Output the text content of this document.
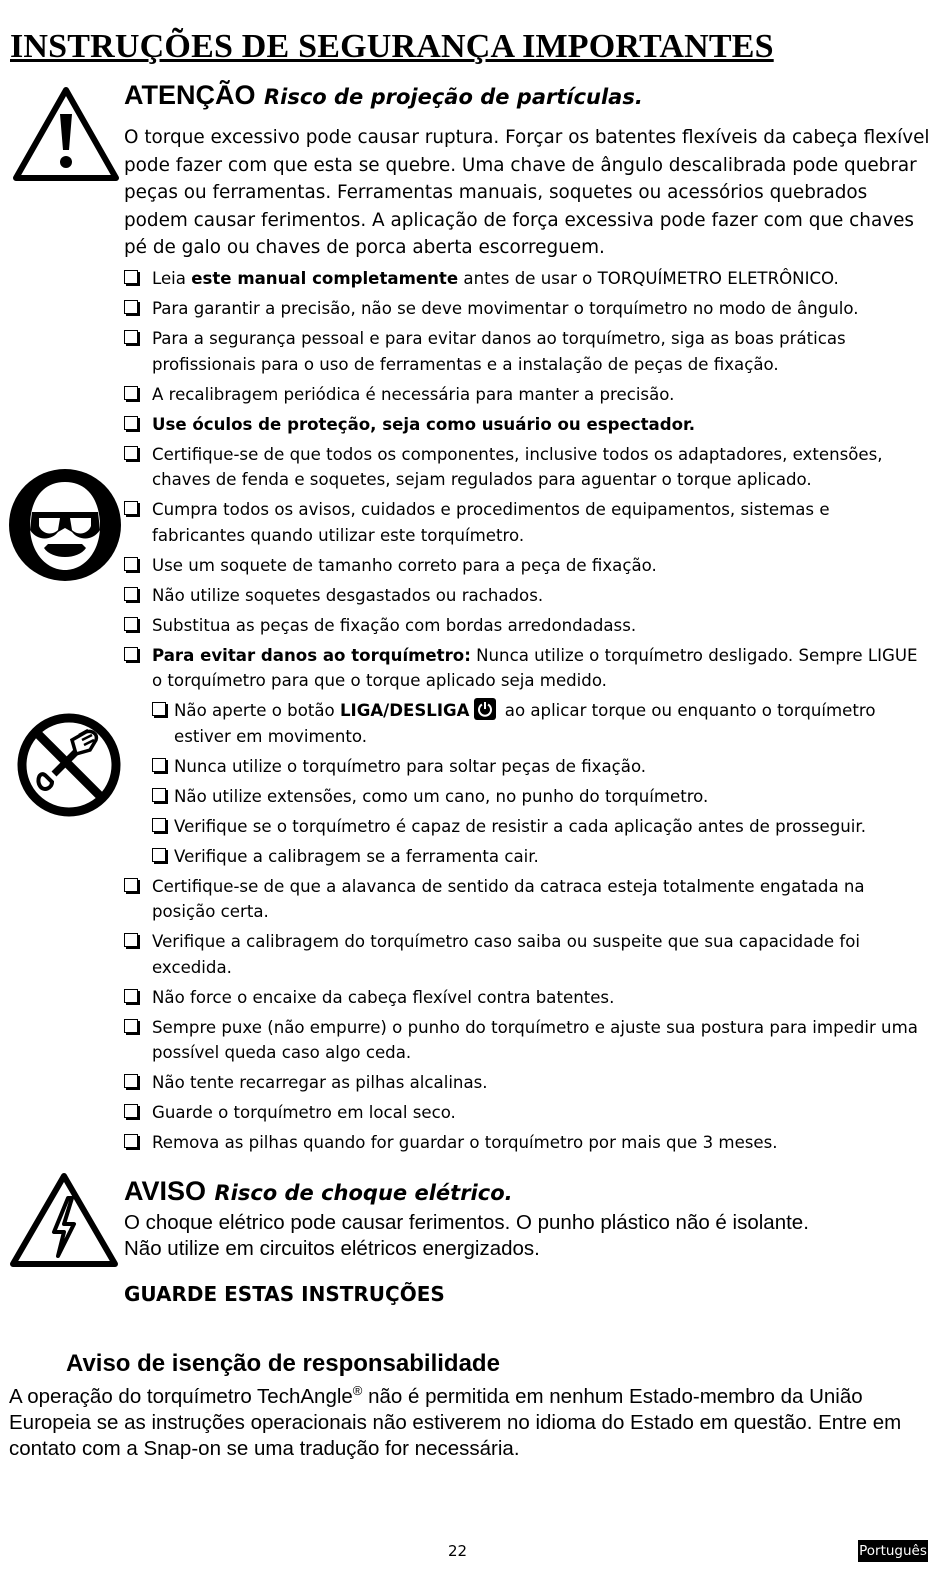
INSTRUÇÕES DE SEGURANÇA IMPORTANTES
ATENÇÃO Risco de projeção de partículas.
O torque excessivo pode causar ruptura. Forçar os batentes flexíveis da cabeça flexível pode fazer com que esta se quebre. Uma chave de ângulo descalibrada pode quebrar peças ou ferramentas. Ferramentas manuais, soquetes ou acessórios quebrados podem causar ferimentos. A aplicação de força excessiva pode fazer com que chaves pé de galo ou chaves de porca aberta escorreguem.
Leia este manual completamente antes de usar o TORQUÍMETRO ELETRÔNICO.
Para garantir a precisão, não se deve movimentar o torquímetro no modo de ângulo.
Para a segurança pessoal e para evitar danos ao torquímetro, siga as boas práticas profissionais para o uso de ferramentas e a instalação de peças de fixação.
A recalibragem periódica é necessária para manter a precisão.
Use óculos de proteção, seja como usuário ou espectador.
Certifique-se de que todos os componentes, inclusive todos os adaptadores, extensões, chaves de fenda e soquetes, sejam regulados para aguentar o torque aplicado.
Cumpra todos os avisos, cuidados e procedimentos de equipamentos, sistemas e fabricantes quando utilizar este torquímetro.
Use um soquete de tamanho correto para a peça de fixação.
Não utilize soquetes desgastados ou rachados.
Substitua as peças de fixação com bordas arredondadass.
Para evitar danos ao torquímetro: Nunca utilize o torquímetro desligado. Sempre LIGUE o torquímetro para que o torque aplicado seja medido.
Não aperte o botão LIGA/DESLIGA
ao aplicar torque ou enquanto o torquímetro estiver em movimento.
Nunca utilize o torquímetro para soltar peças de fixação.
Não utilize extensões, como um cano, no punho do torquímetro.
Verifique se o torquímetro é capaz de resistir a cada aplicação antes de prosseguir.
Verifique a calibragem se a ferramenta cair.
Certifique-se de que a alavanca de sentido da catraca esteja totalmente engatada na posição certa.
Verifique a calibragem do torquímetro caso saiba ou suspeite que sua capacidade foi excedida.
Não force o encaixe da cabeça flexível contra batentes.
Sempre puxe (não empurre) o punho do torquímetro e ajuste sua postura para impedir uma possível queda caso algo ceda.
Não tente recarregar as pilhas alcalinas.
Guarde o torquímetro em local seco.
Remova as pilhas quando for guardar o torquímetro por mais que 3 meses.
AVISO Risco de choque elétrico.
O choque elétrico pode causar ferimentos. O punho plástico não é isolante.
Não utilize em circuitos elétricos energizados.
GUARDE ESTAS INSTRUÇÕES
Aviso de isenção de responsabilidade
A operação do torquímetro TechAngle® não é permitida em nenhum Estado-membro da União Europeia se as instruções operacionais não estiverem no idioma do Estado em questão. Entre em contato com a Snap-on se uma tradução for necessária.
22	Português
